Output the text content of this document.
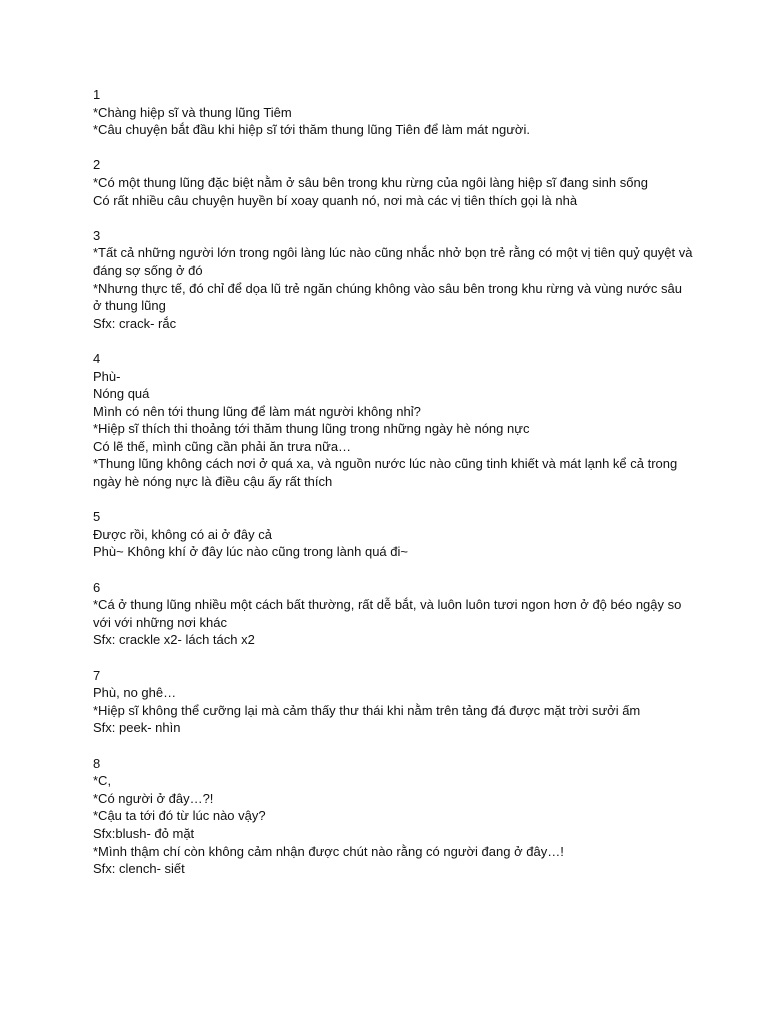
1
*Chàng hiệp sĩ và thung lũng Tiêm
*Câu chuyện bắt đầu khi hiệp sĩ tới thăm thung lũng Tiên để làm mát người.
2
*Có một thung lũng đặc biệt nằm ở sâu bên trong khu rừng của ngôi làng hiệp sĩ đang sinh sống
Có rất nhiều câu chuyện huyền bí xoay quanh nó, nơi mà các vị tiên thích gọi là nhà
3
*Tất cả những người lớn trong ngôi làng lúc nào cũng nhắc nhở bọn trẻ rằng có một vị tiên quỷ quyệt và đáng sợ sống ở đó
*Nhưng thực tế, đó chỉ để dọa lũ trẻ ngăn chúng không vào sâu bên trong khu rừng và vùng nước sâu ở thung lũng
Sfx: crack- rắc
4
Phù-
Nóng quá
Mình có nên tới thung lũng để làm mát người không nhỉ?
*Hiệp sĩ thích thi thoảng tới thăm thung lũng trong những ngày hè nóng nực
Có lẽ thế, mình cũng cần phải ăn trưa nữa…
*Thung lũng không cách nơi ở quá xa, và nguồn nước lúc nào cũng tinh khiết và mát lạnh kể cả trong ngày hè nóng nực là điều cậu ấy rất thích
5
Được rồi, không có ai ở đây cả
Phù~ Không khí ở đây lúc nào cũng trong lành quá đi~
6
*Cá ở thung lũng nhiều một cách bất thường, rất dễ bắt, và luôn luôn tươi ngon hơn ở độ béo ngậy so với với những nơi khác
Sfx: crackle x2- lách tách x2
7
Phù, no ghê…
*Hiệp sĩ không thể cưỡng lại mà cảm thấy thư thái khi nằm trên tảng đá được mặt trời sưởi ấm
Sfx: peek- nhìn
8
*C,
*Có người ở đây…?!
*Cậu ta tới đó từ lúc nào vậy?
Sfx:blush- đỏ mặt
*Mình thậm chí còn không cảm nhận được chút nào rằng có người đang ở đây…!
Sfx: clench- siết
